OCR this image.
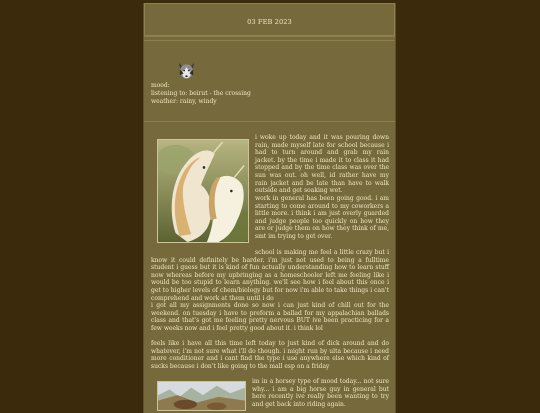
03 FEB 2023
mood:
listening to: beirut - the crossing
weather: rainy, windy

i woke up today and it was pouring down rain, made myself late for school because i had to turn around and grab my rain jacket. by the time i made it to class it had stopped and by the time class was over the sun was out. oh well, id rather have my rain jacket and be late than have to walk outside and get soaking wet.

work in general has been going good. i am starting to come around to my coworkers a little more. i think i am just overly guarded and judge people too quickly on how they are or judge them on how they think of me, smt im trying to get over.

school is making me feel a little crazy but i know it could definitely be harder. i'm just not used to being a fulltime student i guess but it is kind of fun actually understanding how to learn stuff now whereas before my upbringing as a homeschooler left me feeling like i would be too stupid to learn anything. we'll see how i feel about this once i get to higher levels of chem/biology but for now i'm able to take things i can't comprehend and work at them until i do

i got all my assignments done so now i can just kind of chill out for the weekend. on tuesday i have to preform a ballad for my appalachian ballads class and that's got me feeling pretty nervous BUT ive been practicing for a few weeks now and i feel pretty good about it. i think lol

feels like i have all this time left today to just kind of dick around and do whatever, i'm not sure what i'll do though. i might run by ulta because i need more conditioner and i cant find the type i use anywhere else which kind of sucks because i don't like going to the mall esp on a friday

im in a horsey type of mood today... not sure why... i am a big horse guy in general but here recently ive really been wanting to try and get back into riding again.
